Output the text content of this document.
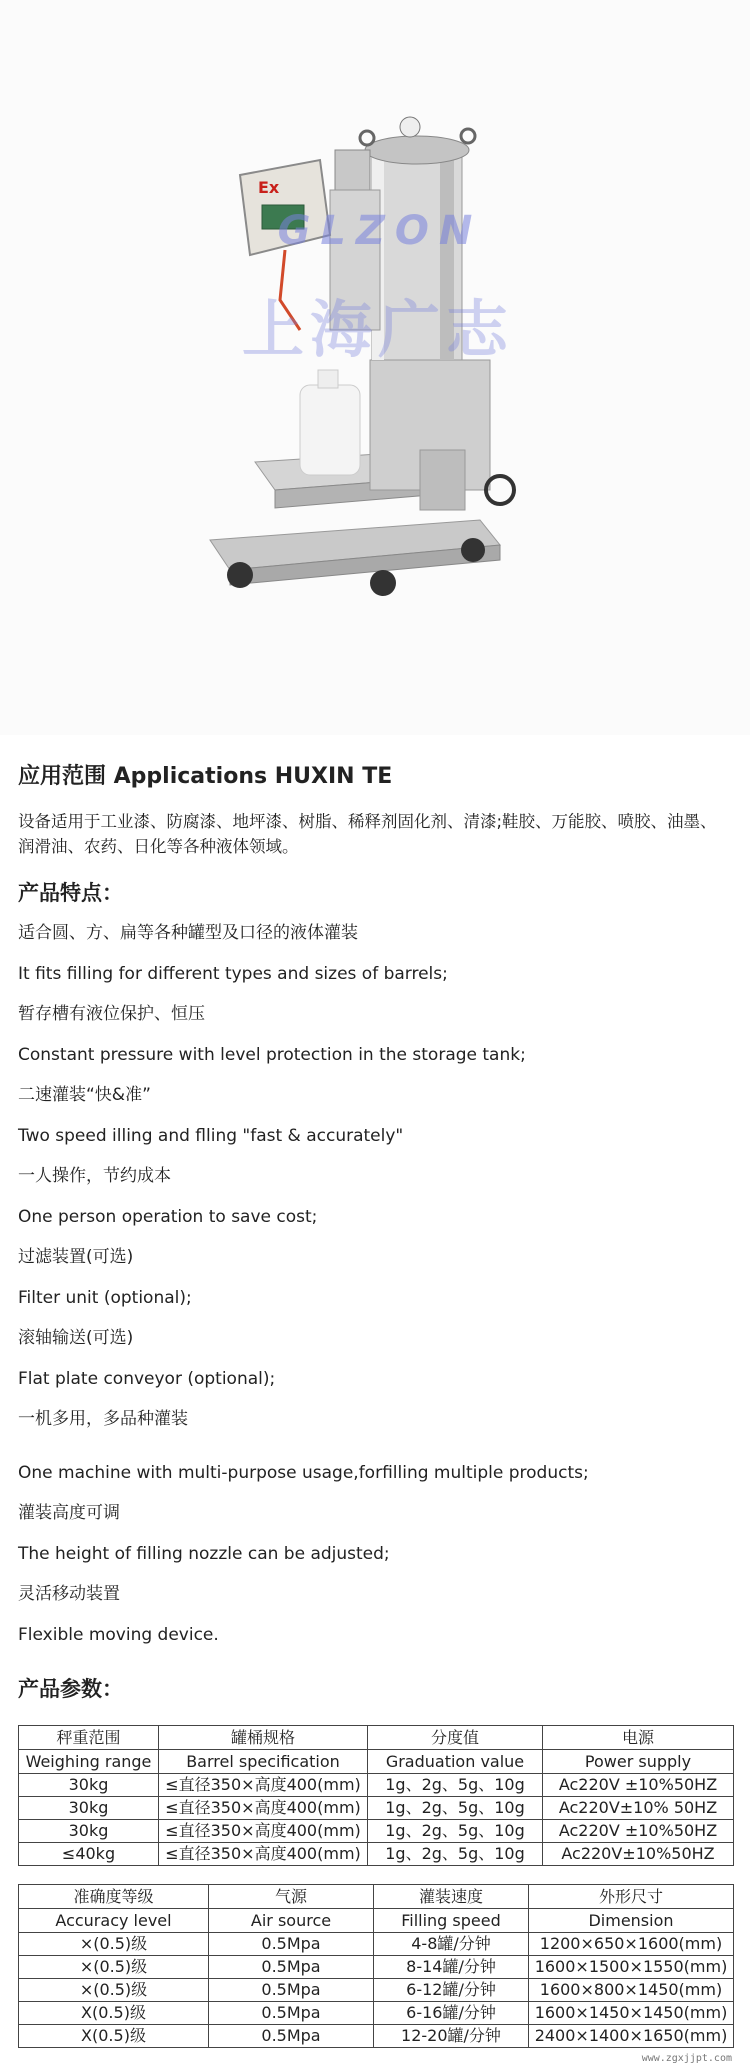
Ex
GLZON
上海广志
应用范围 Applications HUXIN TE

设备适用于工业漆、防腐漆、地坪漆、树脂、稀释剂固化剂、清漆;鞋胶、万能胶、喷胶、油墨、润滑油、农药、日化等各种液体领域。

产品特点：
适合圆、方、扁等各种罐型及口径的液体灌装
It fits filling for different types and sizes of barrels;
暂存槽有液位保护、恒压
Constant pressure with level protection in the storage tank;
二速灌装“快&准”
Two speed illing and flling "fast & accurately"
一人操作，节约成本
One person operation to save cost;
过滤装置(可选)
Filter unit (optional);
滚轴输送(可选)
Flat plate conveyor (optional);
一机多用，多品种灌装
One machine with multi-purpose usage,forfilling multiple products;
灌装高度可调
The height of filling nozzle can be adjusted;
灵活移动装置
Flexible moving device.
产品参数：
秤重范围	罐桶规格	分度值	电源
Weighing range	Barrel specification	Graduation value	Power supply
30kg	≤直径350×高度400(mm)	1g、2g、5g、10g	Ac220V ±10%50HZ
30kg	≤直径350×高度400(mm)	1g、2g、5g、10g	Ac220V±10% 50HZ
30kg	≤直径350×高度400(mm)	1g、2g、5g、10g	Ac220V ±10%50HZ
≤40kg	≤直径350×高度400(mm)	1g、2g、5g、10g	Ac220V±10%50HZ
准确度等级	气源	灌装速度	外形尺寸
Accuracy level	Air source	Filling speed	Dimension
×(0.5)级	0.5Mpa	4-8罐/分钟	1200×650×1600(mm)
×(0.5)级	0.5Mpa	8-14罐/分钟	1600×1500×1550(mm)
×(0.5)级	0.5Mpa	6-12罐/分钟	1600×800×1450(mm)
X(0.5)级	0.5Mpa	6-16罐/分钟	1600×1450×1450(mm)
X(0.5)级	0.5Mpa	12-20罐/分钟	2400×1400×1650(mm)
www.zgxjjpt.com
